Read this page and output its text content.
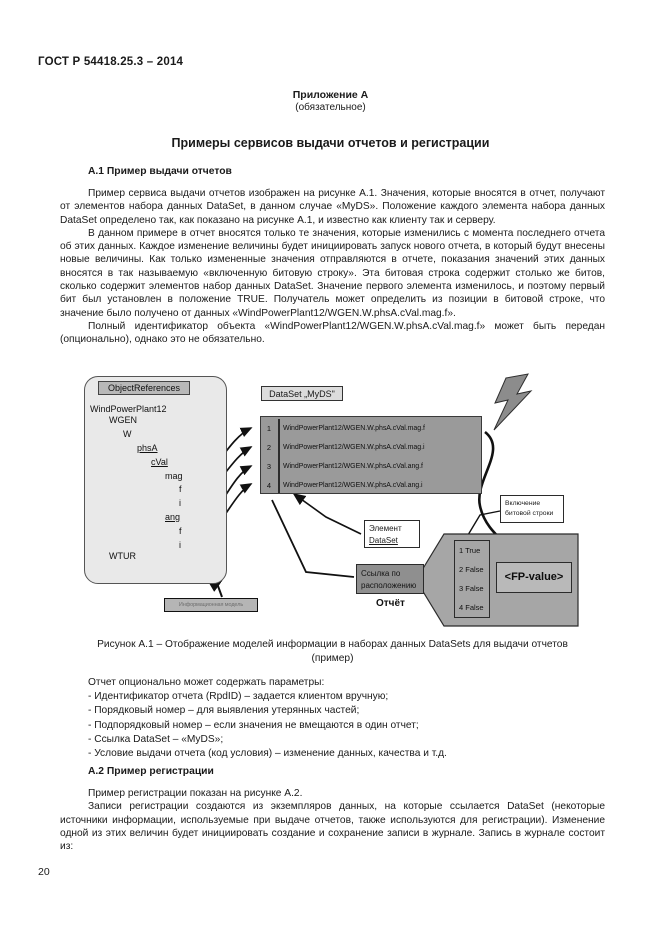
ГОСТ Р 54418.25.3 – 2014
Приложение А
(обязательное)
Примеры сервисов выдачи отчетов и регистрации
A.1 Пример выдачи отчетов

Пример сервиса выдачи отчетов изображен на рисунке А.1. Значения, которые вносятся в отчет, получают от элементов набора данных DataSet, в данном случае «MyDS». Положение каждого элемента набора данных DataSet определено так, как показано на рисунке А.1, и известно как клиенту так и серверу.

В данном примере в отчет вносятся только те значения, которые изменились с момента последнего отчета об этих данных. Каждое изменение величины будет инициировать запуск нового отчета, в который будут внесены новые величины. Как только измененные значения отправляются в отчете, показания значений этих данных вносятся в так называемую «включенную битовую строку». Эта битовая строка содержит столько же битов, сколько содержит элементов набор данных DataSet. Значение первого элемента изменилось, и поэтому первый бит был установлен в положение TRUE. Получатель может определить из позиции в битовой строке, что значение было получено от данных «WindPowerPlant12/WGEN.W.phsA.cVal.mag.f».

Полный идентификатор объекта «WindPowerPlant12/WGEN.W.phsA.cVal.mag.f» может быть передан (опционально), однако это не обязательно.

ObjectReferences
WindPowerPlant12
WGEN
W
phsA
cVal
mag
f
i
ang
f
i
WTUR
DataSet „MyDS"
1	WindPowerPlant12/WGEN.W.phsA.cVal.mag.f
2	WindPowerPlant12/WGEN.W.phsA.cVal.mag.i
3	WindPowerPlant12/WGEN.W.phsA.cVal.ang.f
4	WindPowerPlant12/WGEN.W.phsA.cVal.ang.i
Элемент
DataSet
Ссылка по
расположению
Включение
битовой строки
Информационная модель
1 True
2 False
3 False
4 False
<FP-value>
Отчёт
Рисунок А.1 – Отображение моделей информации в наборах данных DataSets для выдачи отчетов
(пример)

Отчет опционально может содержать параметры:

- Идентификатор отчета (RpdID) – задается клиентом вручную;

- Порядковый номер – для выявления утерянных частей;

- Подпорядковый номер – если значения не вмещаются в один отчет;

- Ссылка DataSet – «MyDS»;

- Условие выдачи отчета (код условия) – изменение данных, качества и т.д.

A.2 Пример регистрации

Пример регистрации показан на рисунке А.2.

Записи регистрации создаются из экземпляров данных, на которые ссылается DataSet (некоторые источники информации, используемые при выдаче отчетов, также используются для регистрации). Изменение одной из этих величин будет инициировать создание и сохранение записи в журнале. Запись в журнале состоит из:

20
